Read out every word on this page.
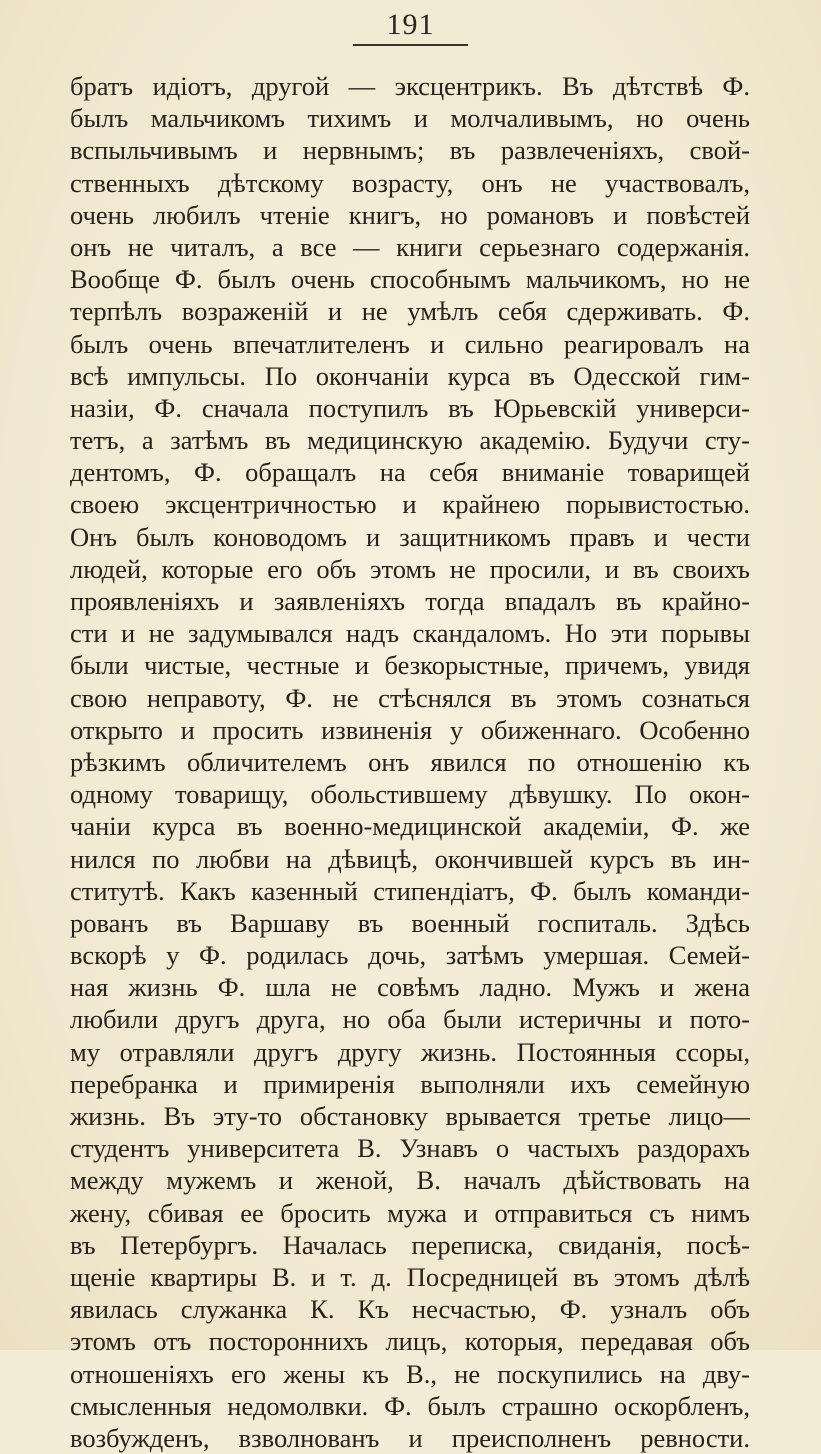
191
братъ идіотъ, другой — эксцентрикъ. Въ дѣтствѣ Ф.
былъ мальчикомъ тихимъ и молчаливымъ, но очень
вспыльчивымъ и нервнымъ; въ развлеченіяхъ, свой-
ственныхъ дѣтскому возрасту, онъ не участвовалъ,
очень любилъ чтеніе книгъ, но романовъ и повѣстей
онъ не читалъ, а все — книги серьезнаго содержанія.
Вообще Ф. былъ очень способнымъ мальчикомъ, но не
терпѣлъ возраженій и не умѣлъ себя сдерживать. Ф.
былъ очень впечатлителенъ и сильно реагировалъ на
всѣ импульсы. По окончаніи курса въ Одесской гим-
назіи, Ф. сначала поступилъ въ Юрьевскій универси-
тетъ, а затѣмъ въ медицинскую академію. Будучи сту-
дентомъ, Ф. обращалъ на себя вниманіе товарищей
своею эксцентричностью и крайнею порывистостью.
Онъ былъ коноводомъ и защитникомъ правъ и чести
людей, которые его объ этомъ не просили, и въ своихъ
проявленіяхъ и заявленіяхъ тогда впадалъ въ крайно-
сти и не задумывался надъ скандаломъ. Но эти порывы
были чистые, честные и безкорыстные, причемъ, увидя
свою неправоту, Ф. не стѣснялся въ этомъ сознаться
открыто и просить извиненія у обиженнаго. Особенно
рѣзкимъ обличителемъ онъ явился по отношенію къ
одному товарищу, обольстившему дѣвушку. По окон-
чаніи курса въ военно-медицинской академіи, Ф. же
нился по любви на дѣвицѣ, окончившей курсъ въ ин-
ститутѣ. Какъ казенный стипендіатъ, Ф. былъ команди-
рованъ въ Варшаву въ военный госпиталь. Здѣсь
вскорѣ у Ф. родилась дочь, затѣмъ умершая. Семей-
ная жизнь Ф. шла не совѣмъ ладно. Мужъ и жена
любили другъ друга, но оба были истеричны и пото-
му отравляли другъ другу жизнь. Постоянныя ссоры,
перебранка и примиренія выполняли ихъ семейную
жизнь. Въ эту-то обстановку врывается третье лицо—
студентъ университета В. Узнавъ о частыхъ раздорахъ
между мужемъ и женой, В. началъ дѣйствовать на
жену, сбивая ее бросить мужа и отправиться съ нимъ
въ Петербургъ. Началась переписка, свиданія, посѣ-
щеніе квартиры В. и т. д. Посредницей въ этомъ дѣлѣ
явилась служанка К. Къ несчастью, Ф. узналъ объ
этомъ отъ постороннихъ лицъ, которыя, передавая объ
отношеніяхъ его жены къ В., не поскупились на дву-
смысленныя недомолвки. Ф. былъ страшно оскорбленъ,
возбужденъ, взволнованъ и преисполненъ ревности.
